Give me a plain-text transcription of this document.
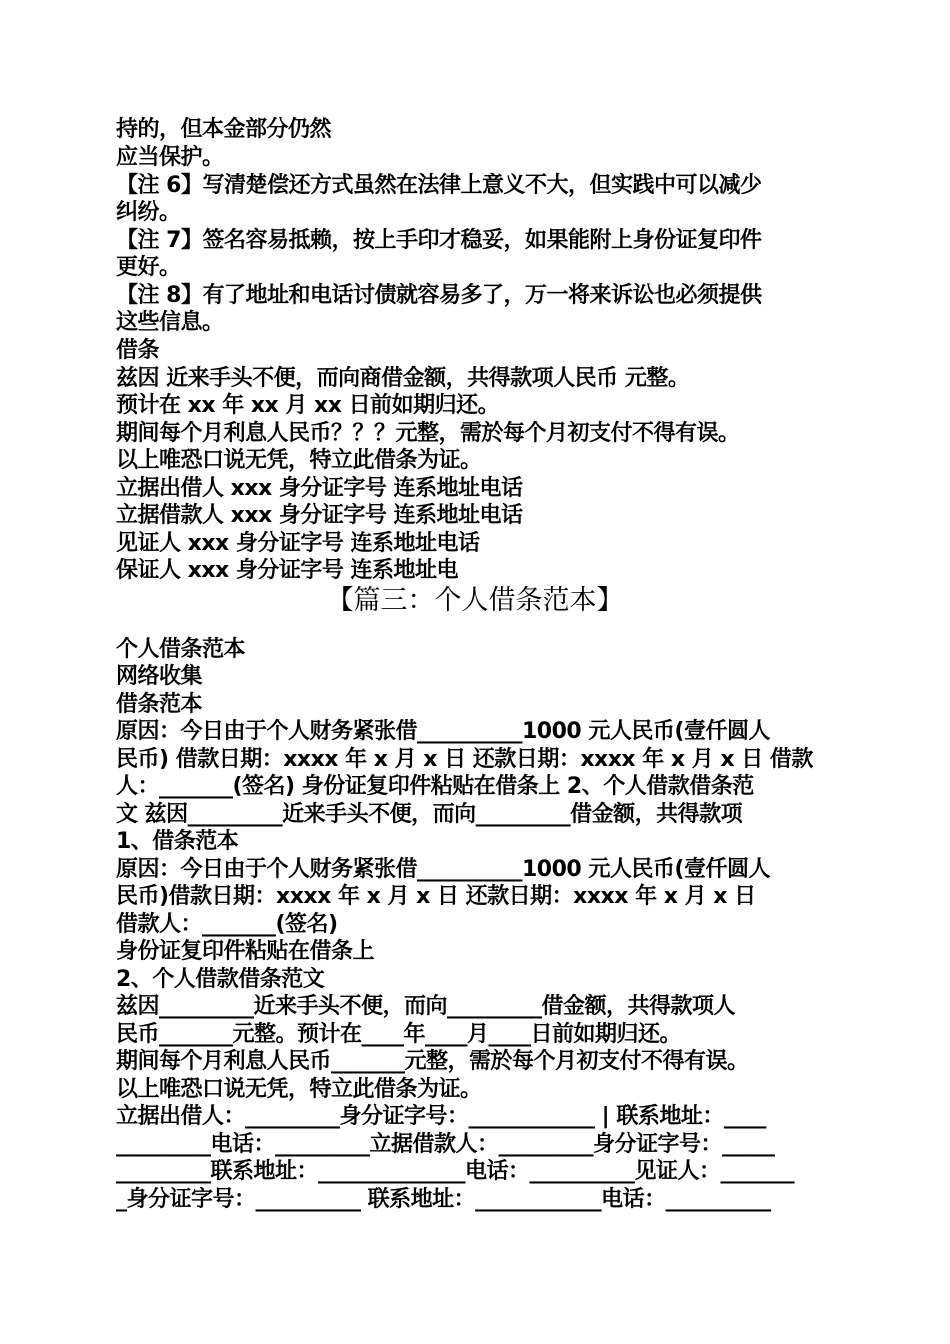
持的，但本金部分仍然
应当保护。
【注 6】写清楚偿还方式虽然在法律上意义不大，但实践中可以减少
纠纷。
【注 7】签名容易抵赖，按上手印才稳妥，如果能附上身份证复印件
更好。
【注 8】有了地址和电话讨债就容易多了，万一将来诉讼也必须提供
这些信息。
借条
兹因 近来手头不便，而向商借金额，共得款项人民币 元整。
预计在 xx 年 xx 月 xx 日前如期归还。
期间每个月利息人民币？？？元整，需於每个月初支付不得有误。
以上唯恐口说无凭，特立此借条为证。
立据出借人 xxx 身分证字号 连系地址电话
立据借款人 xxx 身分证字号 连系地址电话
见证人 xxx 身分证字号 连系地址电话
保证人 xxx 身分证字号 连系地址电
【篇三：个人借条范本】
个人借条范本
网络收集
借条范本
原因：今日由于个人财务紧张借__________1000 元人民币(壹仟圆人
民币) 借款日期：xxxx 年 x 月 x 日 还款日期：xxxx 年 x 月 x 日 借款
人：_______(签名) 身份证复印件粘贴在借条上 2、个人借款借条范
文 兹因_________近来手头不便，而向_________借金额，共得款项
1、借条范本
原因：今日由于个人财务紧张借__________1000 元人民币(壹仟圆人
民币)借款日期：xxxx 年 x 月 x 日 还款日期：xxxx 年 x 月 x 日
借款人：_______(签名)
身份证复印件粘贴在借条上
2、个人借款借条范文
兹因_________近来手头不便，而向_________借金额，共得款项人
民币_______元整。预计在____年____月____日前如期归还。
期间每个月利息人民币_______元整，需於每个月初支付不得有误。
以上唯恐口说无凭，特立此借条为证。
立据出借人：_________身分证字号：____________ | 联系地址：____
_________电话：_________立据借款人：_________身分证字号：_____
_________联系地址：______________电话：__________见证人：_______
_身分证字号：__________ 联系地址：____________电话：__________
